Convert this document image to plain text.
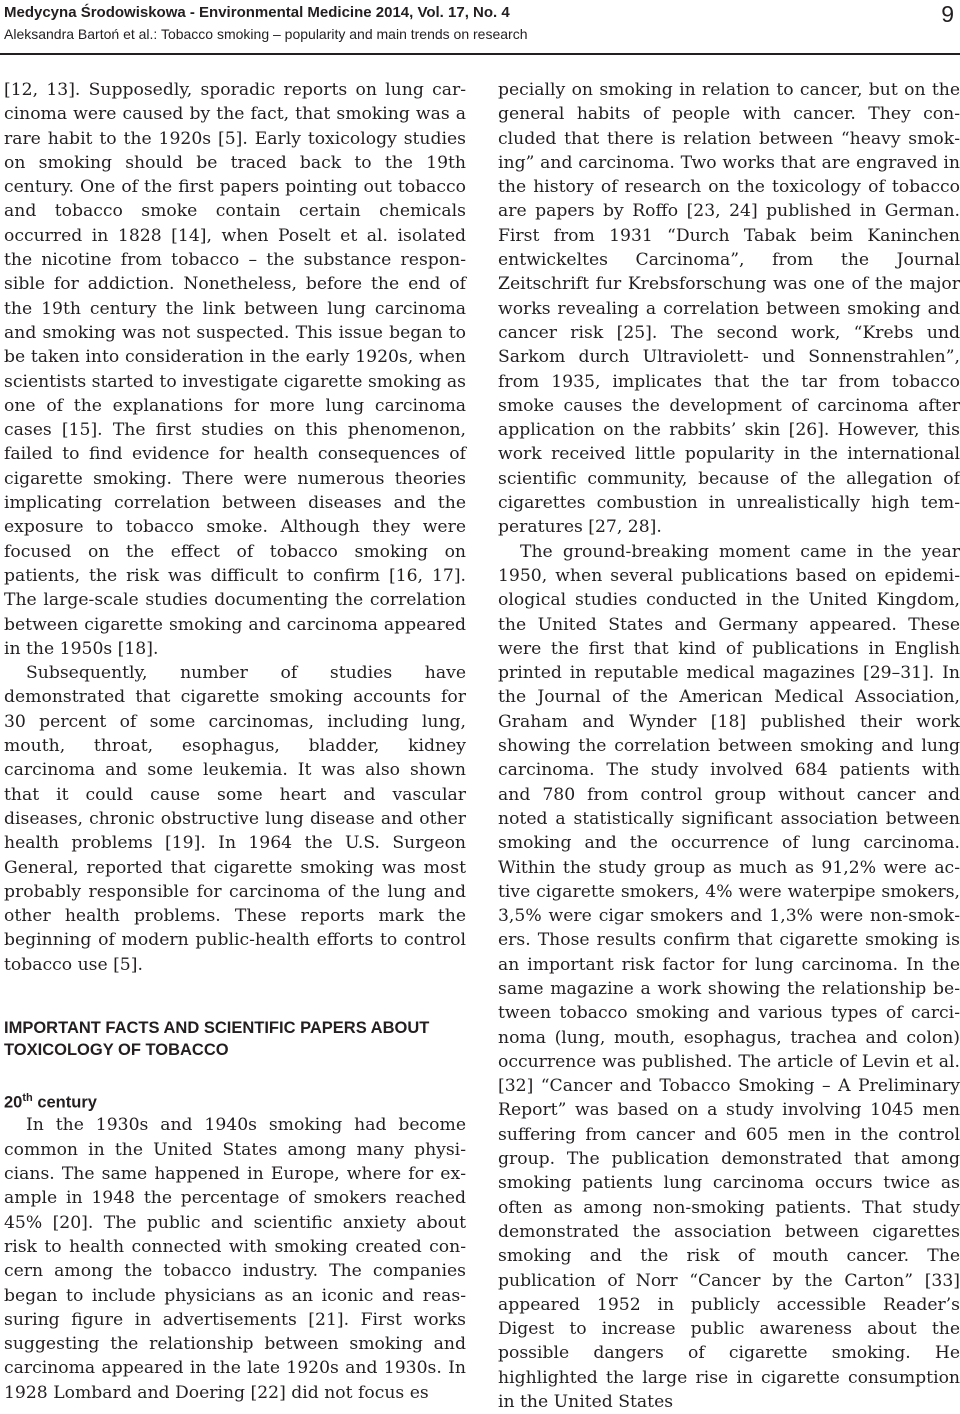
Medycyna Środowiskowa - Environmental Medicine 2014, Vol. 17, No. 4
Aleksandra Bartoń et al.: Tobacco smoking – popularity and main trends on research
9

[12, 13]. Supposedly, sporadic reports on lung carcinoma were caused by the fact, that smoking was a rare habit to the 1920s [5]. Early toxicology studies on smoking should be traced back to the 19th century. One of the first papers pointing out tobacco and tobacco smoke contain certain chemicals occurred in 1828 [14], when Poselt et al. isolated the nicotine from tobacco – the substance responsible for addiction. Nonetheless, before the end of the 19th century the link between lung carcinoma and smoking was not suspected. This issue began to be taken into consideration in the early 1920s, when scientists started to investigate cigarette smoking as one of the explanations for more lung carcinoma cases [15]. The first studies on this phenomenon, failed to find evidence for health consequences of cigarette smoking. There were numerous theories implicating correlation between diseases and the exposure to tobacco smoke. Although they were focused on the effect of tobacco smoking on patients, the risk was difficult to confirm [16, 17]. The large-scale studies documenting the correlation between cigarette smoking and carcinoma appeared in the 1950s [18].

Subsequently, number of studies have demonstrated that cigarette smoking accounts for 30 percent of some carcinomas, including lung, mouth, throat, esophagus, bladder, kidney carcinoma and some leukemia. It was also shown that it could cause some heart and vascular diseases, chronic obstructive lung disease and other health problems [19]. In 1964 the U.S. Surgeon General, reported that cigarette smoking was most probably responsible for carcinoma of the lung and other health problems. These reports mark the beginning of modern public-health efforts to control tobacco use [5].

IMPORTANT FACTS AND SCIENTIFIC PAPERS ABOUT TOXICOLOGY OF TOBACCO
20th century

In the 1930s and 1940s smoking had become common in the United States among many physicians. The same happened in Europe, where for example in 1948 the percentage of smokers reached 45% [20]. The public and scientific anxiety about risk to health connected with smoking created concern among the tobacco industry. The companies began to include physicians as an iconic and reassuring figure in advertisements [21]. First works suggesting the relationship between smoking and carcinoma appeared in the late 1920s and 1930s. In 1928 Lombard and Doering [22] did not focus es

pecially on smoking in relation to cancer, but on the general habits of people with cancer. They concluded that there is relation between “heavy smoking” and carcinoma. Two works that are engraved in the history of research on the toxicology of tobacco are papers by Roffo [23, 24] published in German. First from 1931 “Durch Tabak beim Kaninchen entwickeltes Carcinoma”, from the Journal Zeitschrift fur Krebsforschung was one of the major works revealing a correlation between smoking and cancer risk [25]. The second work, “Krebs und Sarkom durch Ultraviolett- und Sonnenstrahlen”, from 1935, implicates that the tar from tobacco smoke causes the development of carcinoma after application on the rabbits’ skin [26]. However, this work received little popularity in the international scientific community, because of the allegation of cigarettes combustion in unrealistically high temperatures [27, 28].

The ground-breaking moment came in the year 1950, when several publications based on epidemiological studies conducted in the United Kingdom, the United States and Germany appeared. These were the first that kind of publications in English printed in reputable medical magazines [29–31]. In the Journal of the American Medical Association, Graham and Wynder [18] published their work showing the correlation between smoking and lung carcinoma. The study involved 684 patients with and 780 from control group without cancer and noted a statistically significant association between smoking and the occurrence of lung carcinoma. Within the study group as much as 91,2% were active cigarette smokers, 4% were waterpipe smokers, 3,5% were cigar smokers and 1,3% were non-smokers. Those results confirm that cigarette smoking is an important risk factor for lung carcinoma. In the same magazine a work showing the relationship between tobacco smoking and various types of carcinoma (lung, mouth, esophagus, trachea and colon) occurrence was published. The article of Levin et al. [32] “Cancer and Tobacco Smoking – A Preliminary Report” was based on a study involving 1045 men suffering from cancer and 605 men in the control group. The publication demonstrated that among smoking patients lung carcinoma occurs twice as often as among non-smoking patients. That study demonstrated the association between cigarettes smoking and the risk of mouth cancer. The publication of Norr “Cancer by the Carton” [33] appeared 1952 in publicly accessible Reader’s Digest to increase public awareness about the possible dangers of cigarette smoking. He highlighted the large rise in cigarette consumption in the United States
